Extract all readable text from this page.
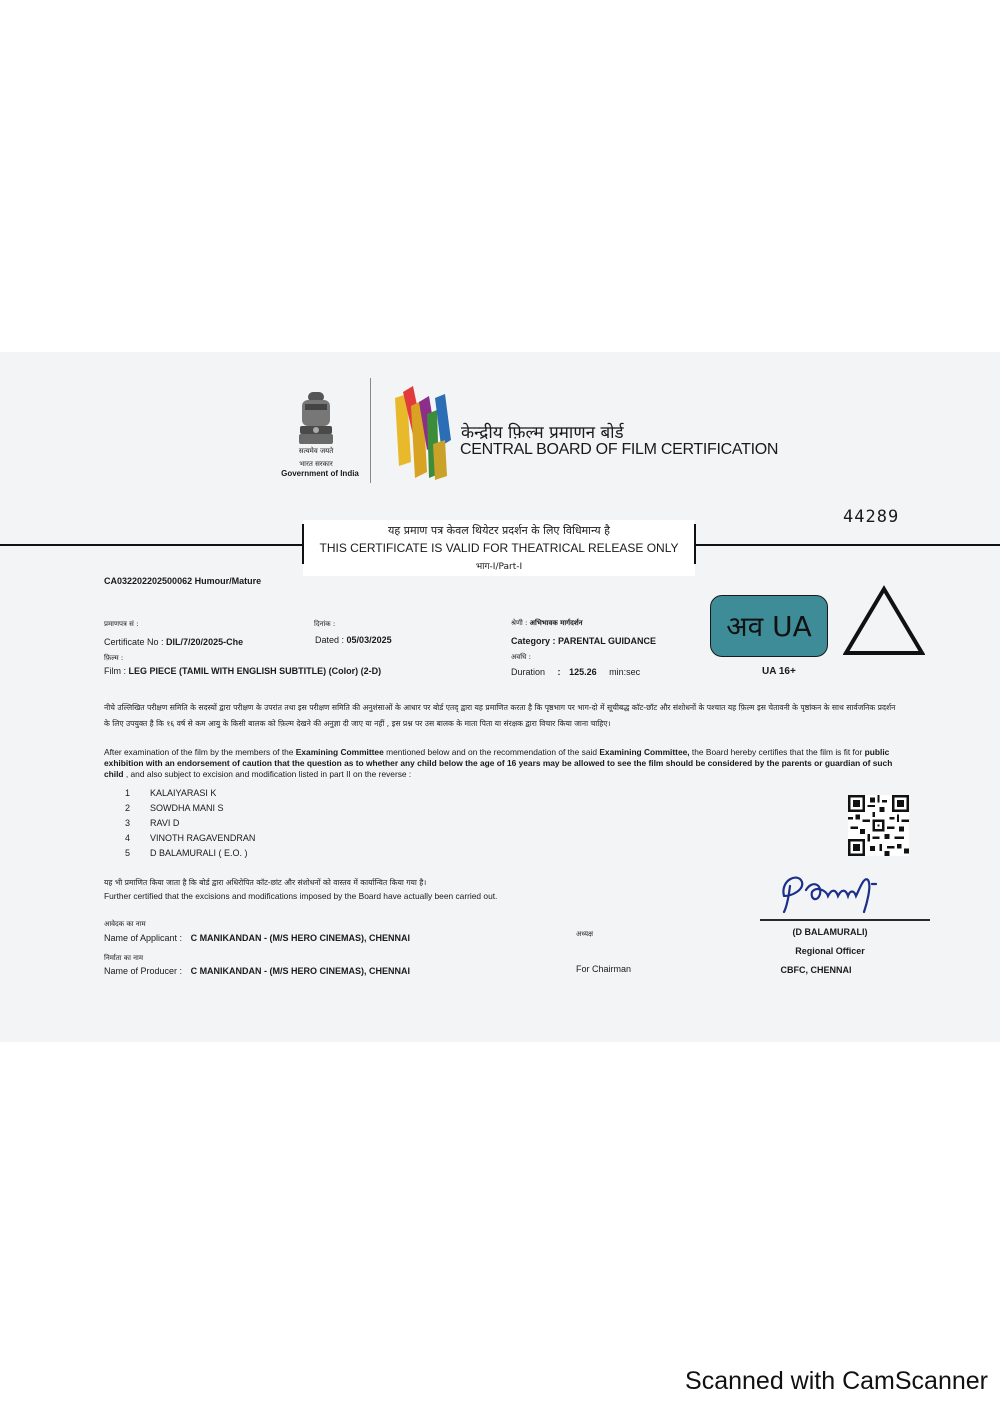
सत्यमेव जयते
भारत सरकार
Government of India
केन्द्रीय फ़िल्म प्रमाणन बोर्ड
CENTRAL BOARD OF FILM CERTIFICATION
44289
यह प्रमाण पत्र केवल थियेटर प्रदर्शन के लिए विधिमान्य है
THIS CERTIFICATE IS VALID FOR THEATRICAL RELEASE ONLY
भाग-I/Part-I
CA032202202500062 Humour/Mature
प्रमाणपत्र सं :
Certificate No : DIL/7/20/2025-Che
दिनांक :
Dated : 05/03/2025
श्रेणी : अभिभावक मार्गदर्शन
Category : PARENTAL GUIDANCE
फ़िल्म :
Film : LEG PIECE (TAMIL WITH ENGLISH SUBTITLE) (Color) (2-D)
अवधि :
Duration : 125.26 min:sec
अव UA
UA 16+
नीचे उल्लिखित परीक्षण समिति के सदस्यों द्वारा परीक्षण के उपरांत तथा इस परीक्षण समिति की अनुशंसाओं के आधार पर बोर्ड एतद् द्वारा यह प्रमाणित करता है कि पृष्ठभाग पर भाग-दो में सूचीबद्ध कॉट-छॉट और संशोधनों के पश्चात यह फ़िल्म इस चेतावनी के पृष्ठांकन के साथ सार्वजनिक प्रदर्शन के लिए उपयुक्त है कि १६ वर्ष से कम आयु के किसी बालक को फ़िल्म देखने की अनुज्ञा दी जाए या नहीं , इस प्रश्न पर उस बालक के माता पिता या संरक्षक द्वारा विचार किया जाना चाहिए।
After examination of the film by the members of the Examining Committee mentioned below and on the recommendation of the said Examining Committee, the Board hereby certifies that the film is fit for public exhibition with an endorsement of caution that the question as to whether any child below the age of 16 years may be allowed to see the film should be considered by the parents or guardian of such child , and also subject to excision and modification listed in part II on the reverse :
1 KALAIYARASI K
2 SOWDHA MANI S
3 RAVI D
4 VINOTH RAGAVENDRAN
5 D BALAMURALI ( E.O. )
यह भी प्रमाणित किया जाता है कि बोर्ड द्वारा अधिरोपित कॉट-छांट और संशोधनों को वास्तव में कार्यान्वित किया गया है।
Further certified that the excisions and modifications imposed by the Board have actually been carried out.
आवेदक का नाम
Name of Applicant : C MANIKANDAN - (M/S HERO CINEMAS), CHENNAI
निर्माता का नाम
Name of Producer : C MANIKANDAN - (M/S HERO CINEMAS), CHENNAI
अध्यक्ष
For Chairman
(D BALAMURALI)
Regional Officer
CBFC, CHENNAI
Scanned with CamScanner
